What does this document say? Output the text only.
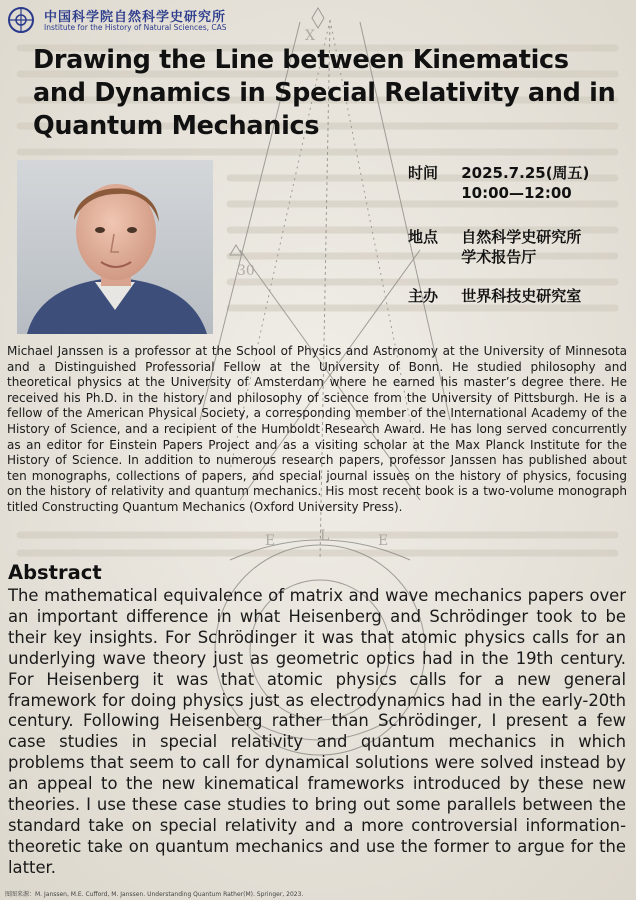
X
30
E	L	E
中国科学院自然科学史研究所
Institute for the History of Natural Sciences, CAS
Drawing the Line between Kinematics and Dynamics in Special Relativity and in Quantum Mechanics
时间 2025.7.25(周五)
10:00—12:00
地点 自然科学史研究所
学术报告厅
主办 世界科技史研究室

Michael Janssen is a professor at the School of Physics and Astronomy at the University of Minnesota and a Distinguished Professorial Fellow at the University of Bonn. He studied philosophy and theoretical physics at the University of Amsterdam where he earned his master’s degree there. He received his Ph.D. in the history and philosophy of science from the University of Pittsburgh. He is a fellow of the American Physical Society, a corresponding member of the International Academy of the History of Science, and a recipient of the Humboldt Research Award. He has long served concurrently as an editor for Einstein Papers Project and as a visiting scholar at the Max Planck Institute for the History of Science. In addition to numerous research papers, professor Janssen has published about ten monographs, collections of papers, and special journal issues on the history of physics, focusing on the history of relativity and quantum mechanics. His most recent book is a two-volume monograph titled Constructing Quantum Mechanics (Oxford University Press).

Abstract

The mathematical equivalence of matrix and wave mechanics papers over an important difference in what Heisenberg and Schrödinger took to be their key insights. For Schrödinger it was that atomic physics calls for an underlying wave theory just as geometric optics had in the 19th century. For Heisenberg it was that atomic physics calls for a new general framework for doing physics just as electrodynamics had in the early-20th century. Following Heisenberg rather than Schrödinger, I present a few case studies in special relativity and quantum mechanics in which problems that seem to call for dynamical solutions were solved instead by an appeal to the new kinematical frameworks introduced by these new theories. I use these case studies to bring out some parallels between the standard take on special relativity and a more controversial information-theoretic take on quantum mechanics and use the former to argue for the latter.

图图来源：M. Janssen, M.E. Cufford, M. Janssen. Understanding Quantum Rather(M). Springer, 2023.
